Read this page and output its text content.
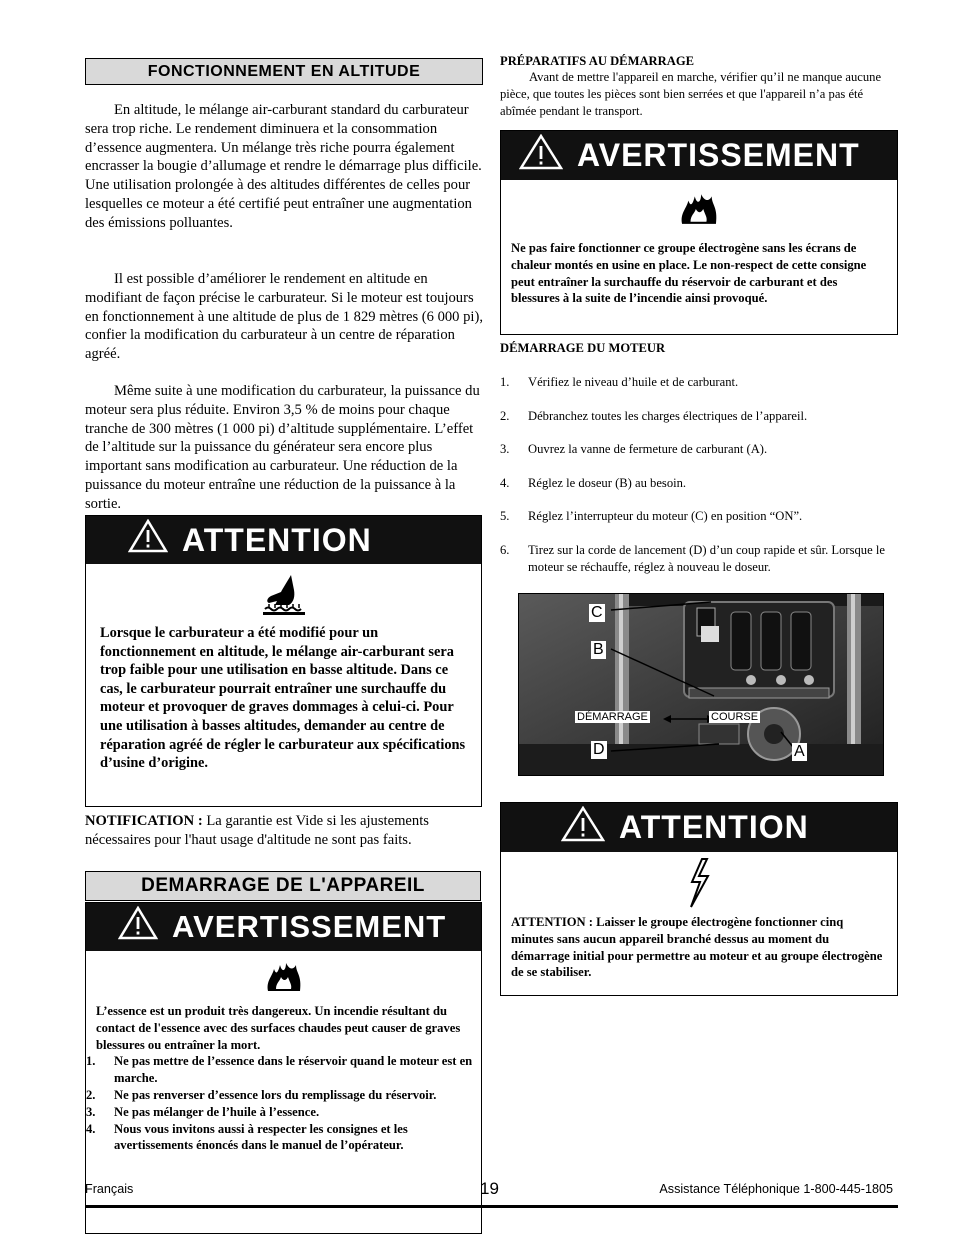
FONCTIONNEMENT EN ALTITUDE

En altitude, le mélange air-carburant standard du carburateur sera trop riche. Le rendement diminuera et la consommation d’essence augmentera. Un mélange très riche pourra également encrasser la bougie d’allumage et rendre le démarrage plus difficile. Une utilisation prolongée à des altitudes différentes de celles pour lesquelles ce moteur a été certifié peut entraîner une augmentation des émissions polluantes.

Il est possible d’améliorer le rendement en altitude en modifiant de façon précise le carburateur. Si le moteur est toujours en fonctionnement à une altitude de plus de 1 829 mètres (6 000 pi), confier la modification du carburateur à un centre de réparation agréé.

Même suite à une modification du carburateur, la puissance du moteur sera plus réduite. Environ 3,5 % de moins pour chaque tranche de 300 mètres (1 000 pi) d’altitude supplémentaire. L’effet de l’altitude sur la puissance du générateur sera encore plus important sans modification au carburateur. Une réduction de la puissance du moteur entraîne une réduction de la puissance à la sortie.

ATTENTION

Lorsque le carburateur a été modifié pour un fonctionnement en altitude, le mélange air-carburant sera trop faible pour une utilisation en basse altitude. Dans ce cas, le carburateur pourrait entraîner une surchauffe du moteur et provoquer de graves dommages à celui-ci. Pour une utilisation à basses altitudes, demander au centre de réparation agréé de régler le carburateur aux spécifications d’usine d’origine.

NOTIFICATION : La garantie est Vide si les ajustements nécessaires pour l'haut usage d'altitude ne sont pas faits.
DEMARRAGE DE L'APPAREIL
AVERTISSEMENT

L’essence est un produit très dangereux. Un incendie résultant du contact de l'essence avec des surfaces chaudes peut causer de graves blessures ou entraîner la mort.

1.	Ne pas mettre de l’essence dans le réservoir quand le moteur est en marche.
2.	Ne pas renverser d’essence lors du remplissage du réservoir.
3.	Ne pas mélanger de l’huile à l’essence.
4.	Nous vous invitons aussi à respecter les consignes et les avertissements énoncés dans le manuel de l’opérateur.

PRÉPARATIFS AU DÉMARRAGE

Avant de mettre l'appareil en marche, vérifier qu’il ne manque aucune pièce, que toutes les pièces sont bien serrées et que l'appareil n’a pas été abîmée pendant le transport.

AVERTISSEMENT

Ne pas faire fonctionner ce groupe électrogène sans les écrans de chaleur montés en usine en place. Le non-respect de cette consigne peut entraîner la surchauffe du réservoir de carburant et des blessures à la suite de l’incendie ainsi provoqué.

DÉMARRAGE DU MOTEUR

1.	Vérifiez le niveau d’huile et de carburant.
2.	Débranchez toutes les charges électriques de l’appareil.
3.	Ouvrez la vanne de fermeture de carburant (A).
4.	Réglez le doseur (B) au besoin.
5.	Réglez l’interrupteur du moteur (C) en position “ON”.
6.	Tirez sur la corde de lancement (D) d’un coup rapide et sûr. Lorsque le moteur se réchauffe, réglez à nouveau le doseur.
C
B
DÉMARRAGE	COURSE
D	A
ATTENTION

ATTENTION : Laisser le groupe électrogène fonctionner cinq minutes sans aucun appareil branché dessus au moment du démarrage initial pour permettre au moteur et au groupe électrogène de se stabiliser.

Français	19	Assistance Téléphonique 1-800-445-1805
